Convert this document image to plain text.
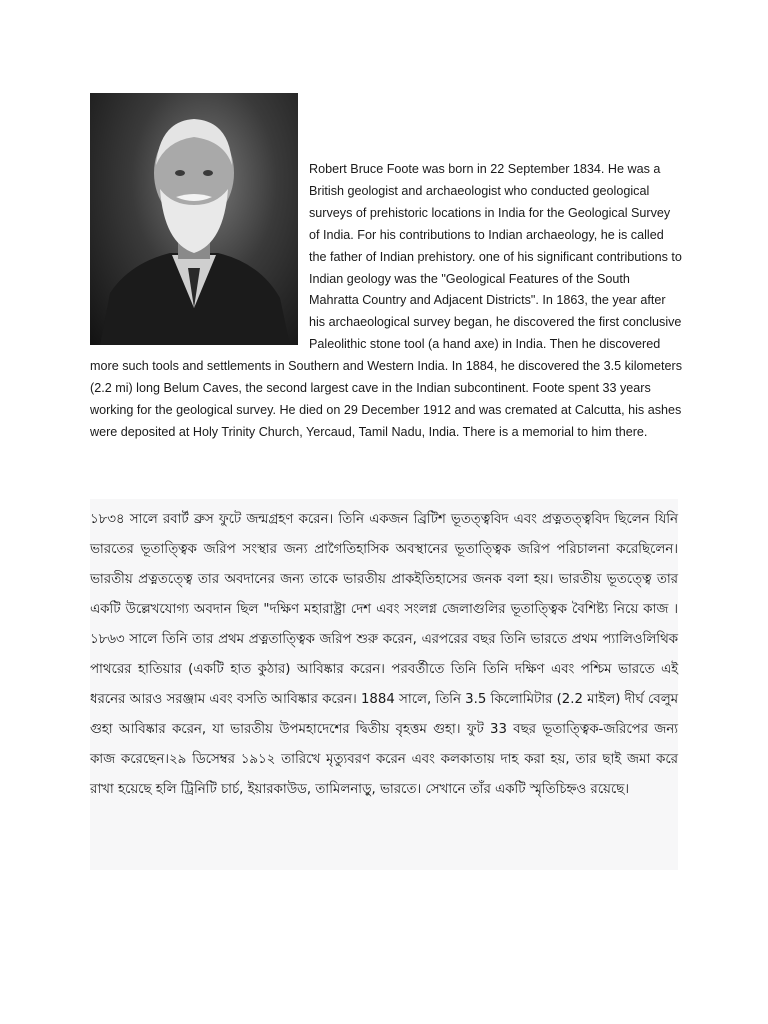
Robert Bruce Foote was born in 22 September 1834. He was a British geologist and archaeologist who conducted geological surveys of prehistoric locations in India for the Geological Survey of India. For his contributions to Indian archaeology, he is called the father of Indian prehistory. one of his significant contributions to Indian geology was the "Geological Features of the South Mahratta Country and Adjacent Districts". In 1863, the year after his archaeological survey began, he discovered the first conclusive Paleolithic stone tool (a hand axe) in India. Then he discovered more such tools and settlements in Southern and Western India. In 1884, he discovered the 3.5 kilometers (2.2 mi) long Belum Caves, the second largest cave in the Indian subcontinent. Foote spent 33 years working for the geological survey. He died on 29 December 1912 and was cremated at Calcutta, his ashes were deposited at Holy Trinity Church, Yercaud, Tamil Nadu, India. There is a memorial to him there.

১৮৩৪ সালে রবার্ট ব্রুস ফুটে জন্মগ্রহণ করেন। তিনি একজন ব্রিটিশ ভূতত্ত্ববিদ এবং প্রত্নতত্ত্ববিদ ছিলেন যিনি ভারতের ভূতাত্ত্বিক জরিপ সংস্থার জন্য প্রাগৈতিহাসিক অবস্থানের ভূতাত্ত্বিক জরিপ পরিচালনা করেছিলেন। ভারতীয় প্রত্নতত্ত্বে তার অবদানের জন্য তাকে ভারতীয় প্রাকইতিহাসের জনক বলা হয়। ভারতীয় ভূতত্ত্বে তার একটি উল্লেখযোগ্য অবদান ছিল "দক্ষিণ মহারাষ্ট্রা দেশ এবং সংলগ্ন জেলাগুলির ভূতাত্ত্বিক বৈশিষ্ট্য নিয়ে কাজ । ১৮৬৩ সালে তিনি তার প্রথম প্রত্নতাত্ত্বিক জরিপ শুরু করেন, এরপরের বছর তিনি ভারতে প্রথম প্যালিওলিথিক পাথরের হাতিয়ার (একটি হাত কুঠার) আবিষ্কার করেন। পরবর্তীতে তিনি তিনি দক্ষিণ এবং পশ্চিম ভারতে এই ধরনের আরও সরঞ্জাম এবং বসতি আবিষ্কার করেন। 1884 সালে, তিনি 3.5 কিলোমিটার (2.2 মাইল) দীর্ঘ বেলুম গুহা আবিষ্কার করেন, যা ভারতীয় উপমহাদেশের দ্বিতীয় বৃহত্তম গুহা। ফুট 33 বছর ভূতাত্ত্বিক-জরিপের জন্য কাজ করেছেন।২৯ ডিসেম্বর ১৯১২ তারিখে মৃত্যুবরণ করেন এবং কলকাতায় দাহ করা হয়, তার ছাই জমা করে রাখা হয়েছে হলি ট্রিনিটি চার্চ, ইয়ারকাউড, তামিলনাড়ু, ভারতে। সেখানে তাঁর একটি স্মৃতিচিহ্নও রয়েছে।
